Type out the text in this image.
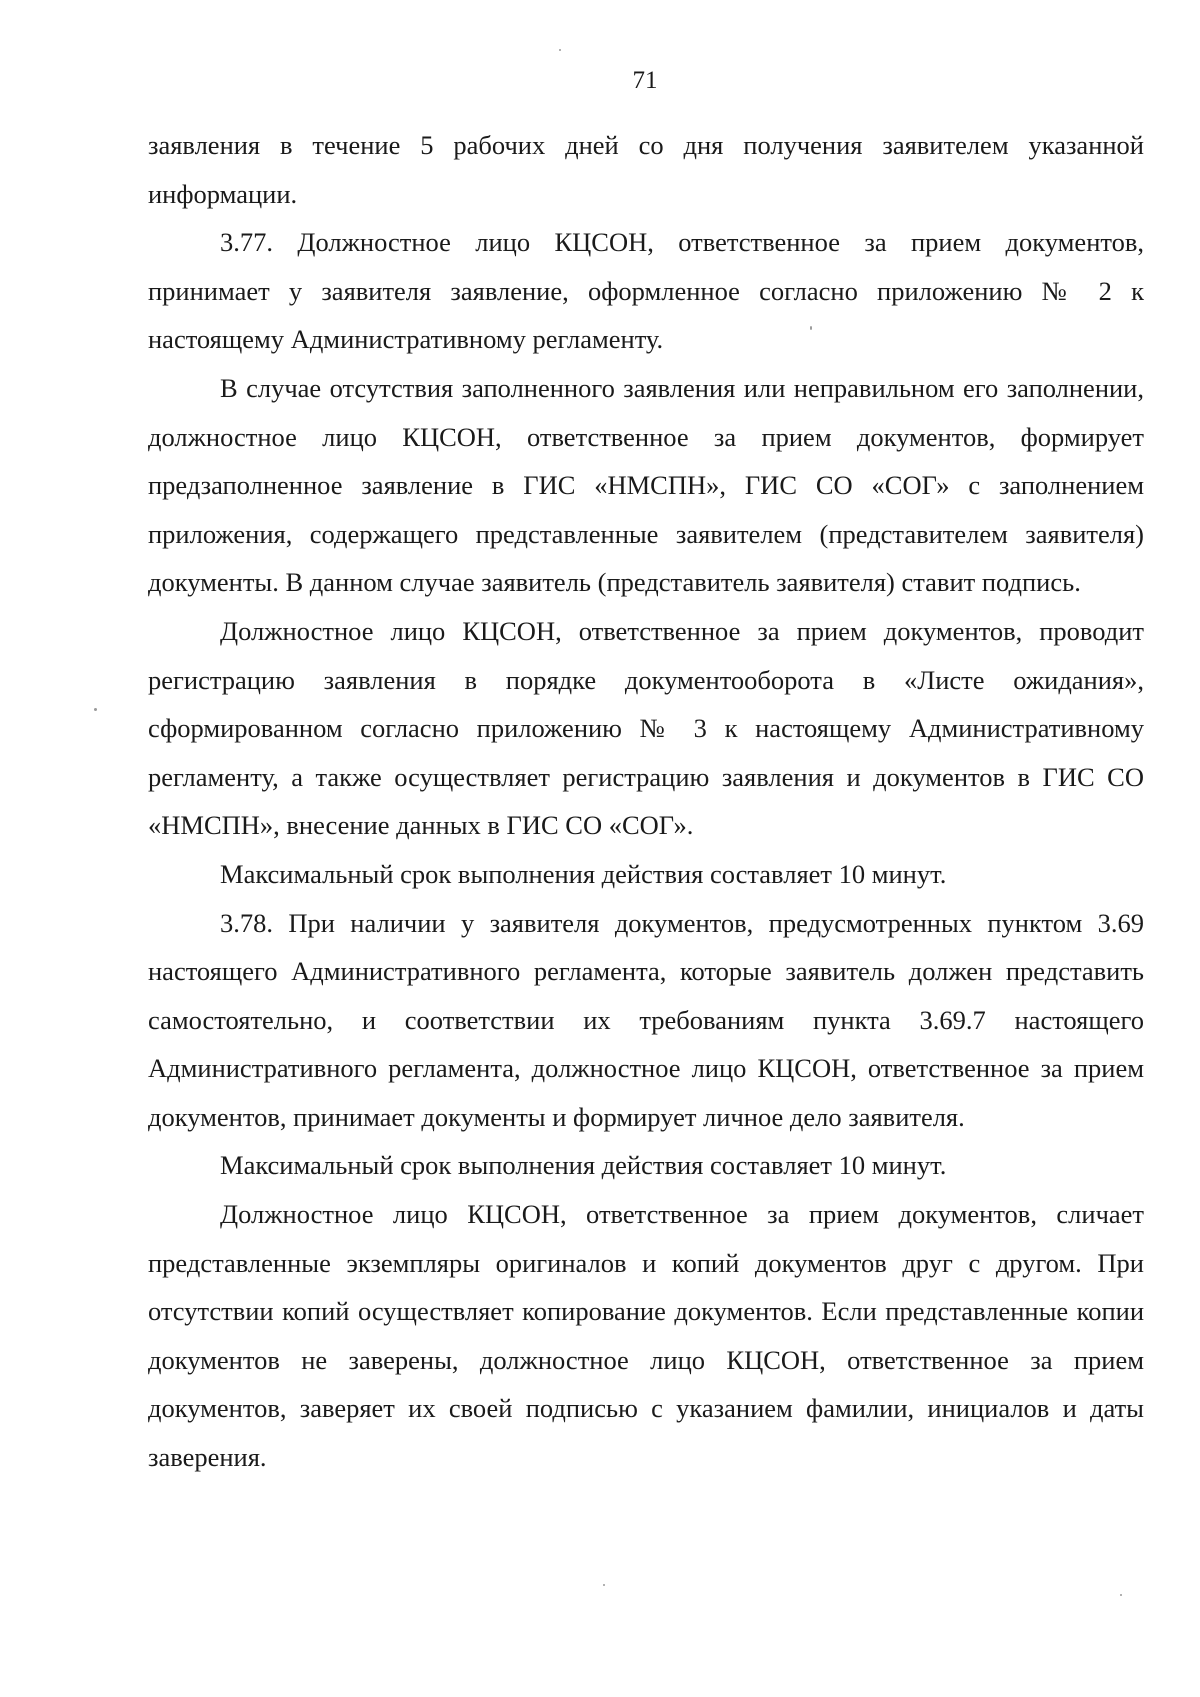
71

заявления в течение 5 рабочих дней со дня получения заявителем указанной информации.

3.77. Должностное лицо КЦСОН, ответственное за прием документов, принимает у заявителя заявление, оформленное согласно приложению № 2 к настоящему Административному регламенту.

В случае отсутствия заполненного заявления или неправильном его заполнении, должностное лицо КЦСОН, ответственное за прием документов, формирует предзаполненное заявление в ГИС «НМСПН», ГИС СО «СОГ» с заполнением приложения, содержащего представленные заявителем (представителем заявителя) документы. В данном случае заявитель (представитель заявителя) ставит подпись.

Должностное лицо КЦСОН, ответственное за прием документов, проводит регистрацию заявления в порядке документооборота в «Листе ожидания», сформированном согласно приложению № 3 к настоящему Административному регламенту, а также осуществляет регистрацию заявления и документов в ГИС СО «НМСПН», внесение данных в ГИС СО «СОГ».

Максимальный срок выполнения действия составляет 10 минут.

3.78. При наличии у заявителя документов, предусмотренных пунктом 3.69 настоящего Административного регламента, которые заявитель должен представить самостоятельно, и соответствии их требованиям пункта 3.69.7 настоящего Административного регламента, должностное лицо КЦСОН, ответственное за прием документов, принимает документы и формирует личное дело заявителя.

Максимальный срок выполнения действия составляет 10 минут.

Должностное лицо КЦСОН, ответственное за прием документов, сличает представленные экземпляры оригиналов и копий документов друг с другом. При отсутствии копий осуществляет копирование документов. Если представленные копии документов не заверены, должностное лицо КЦСОН, ответственное за прием документов, заверяет их своей подписью с указанием фамилии, инициалов и даты заверения.
